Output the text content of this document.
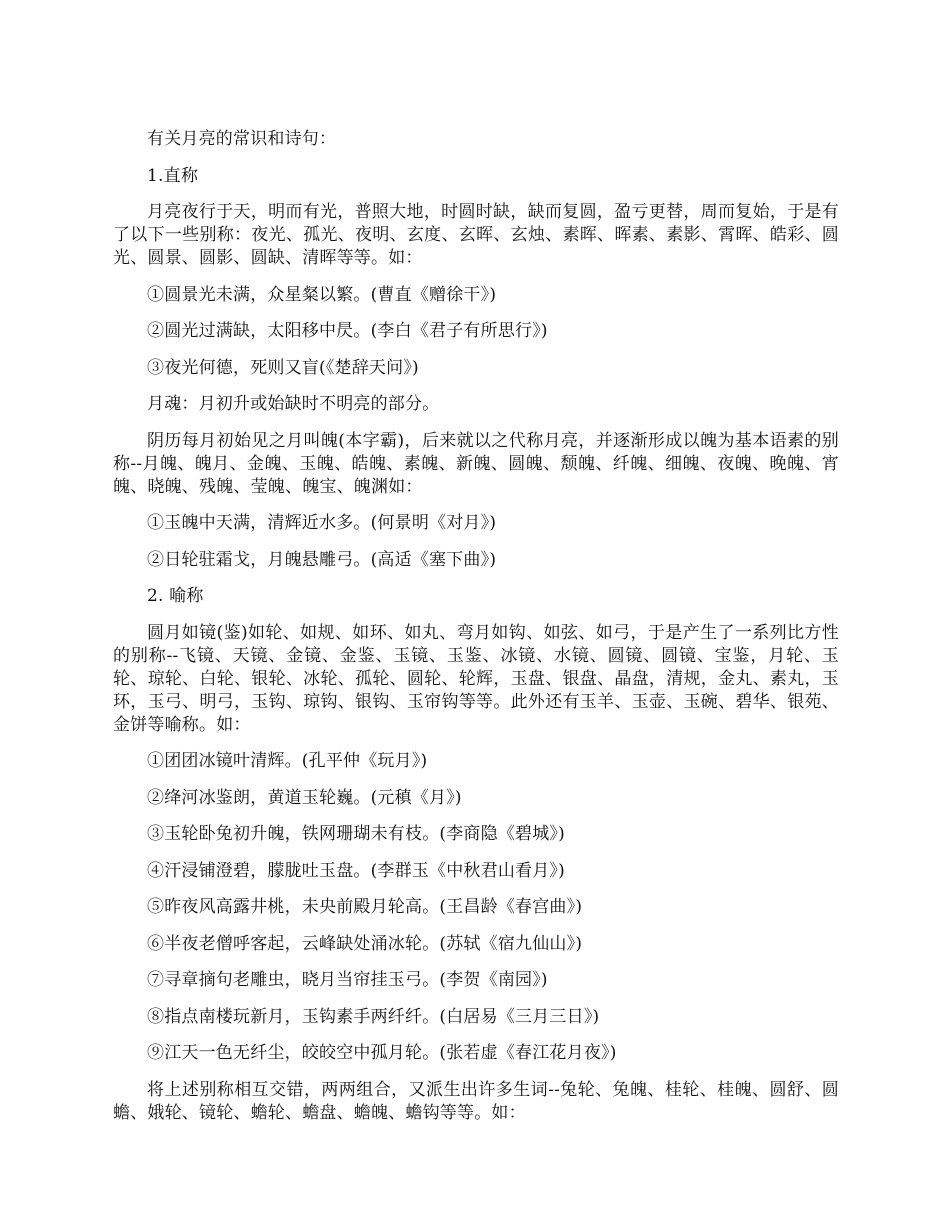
有关月亮的常识和诗句：

1.直称

月亮夜行于天，明而有光，普照大地，时圆时缺，缺而复圆，盈亏更替，周而复始，于是有了以下一些别称：夜光、孤光、夜明、玄度、玄晖、玄烛、素晖、晖素、素影、霄晖、皓彩、圆光、圆景、圆影、圆缺、清晖等等。如：

①圆景光未满，众星粲以繁。(曹直《赠徐干》)

②圆光过满缺，太阳移中昃。(李白《君子有所思行》)

③夜光何德，死则又盲(《楚辞天问》)

月魂：月初升或始缺时不明亮的部分。

阴历每月初始见之月叫魄(本字霸)，后来就以之代称月亮，并逐渐形成以魄为基本语素的别称--月魄、魄月、金魄、玉魄、皓魄、素魄、新魄、圆魄、颓魄、纤魄、细魄、夜魄、晚魄、宵魄、晓魄、残魄、莹魄、魄宝、魄渊如：

①玉魄中天满，清辉近水多。(何景明《对月》)

②日轮驻霜戈，月魄悬雕弓。(高适《塞下曲》)

2. 喻称

圆月如镜(鉴)如轮、如规、如环、如丸、弯月如钩、如弦、如弓，于是产生了一系列比方性的别称--飞镜、天镜、金镜、金鉴、玉镜、玉鉴、冰镜、水镜、圆镜、圆镜、宝鉴，月轮、玉轮、琼轮、白轮、银轮、冰轮、孤轮、圆轮、轮辉，玉盘、银盘、晶盘，清规，金丸、素丸，玉环，玉弓、明弓，玉钩、琼钩、银钩、玉帘钩等等。此外还有玉羊、玉壶、玉碗、碧华、银苑、金饼等喻称。如：

①团团冰镜叶清辉。(孔平仲《玩月》)

②绛河冰鉴朗，黄道玉轮巍。(元稹《月》)

③玉轮卧兔初升魄，铁网珊瑚未有枝。(李商隐《碧城》)

④汗浸铺澄碧，朦胧吐玉盘。(李群玉《中秋君山看月》)

⑤昨夜风高露井桃，未央前殿月轮高。(王昌龄《春宫曲》)

⑥半夜老僧呼客起，云峰缺处涌冰轮。(苏轼《宿九仙山》)

⑦寻章摘句老雕虫，晓月当帘挂玉弓。(李贺《南园》)

⑧指点南楼玩新月，玉钩素手两纤纤。(白居易《三月三日》)

⑨江天一色无纤尘，皎皎空中孤月轮。(张若虚《春江花月夜》)

将上述别称相互交错，两两组合，又派生出许多生词--兔轮、兔魄、桂轮、桂魄、圆舒、圆蟾、娥轮、镜轮、蟾轮、蟾盘、蟾魄、蟾钩等等。如：
